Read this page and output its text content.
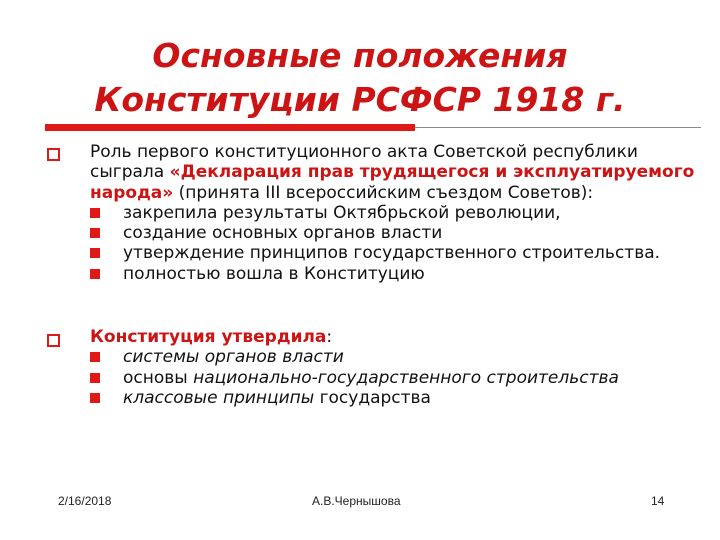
Основные положения
Конституции РСФСР 1918 г.

Роль первого конституционного акта Советской республики сыграла «Декларация прав трудящегося и эксплуатируемого народа» (принята III всероссийским съездом Советов):

закрепила результаты Октябрьской революции,
создание основных органов власти
утверждение принципов государственного строительства.
полностью вошла в Конституцию

Конституция утвердила:

системы органов власти
основы национально-государственного строительства
классовые принципы государства
2/16/2018	А.В.Чернышова	14
